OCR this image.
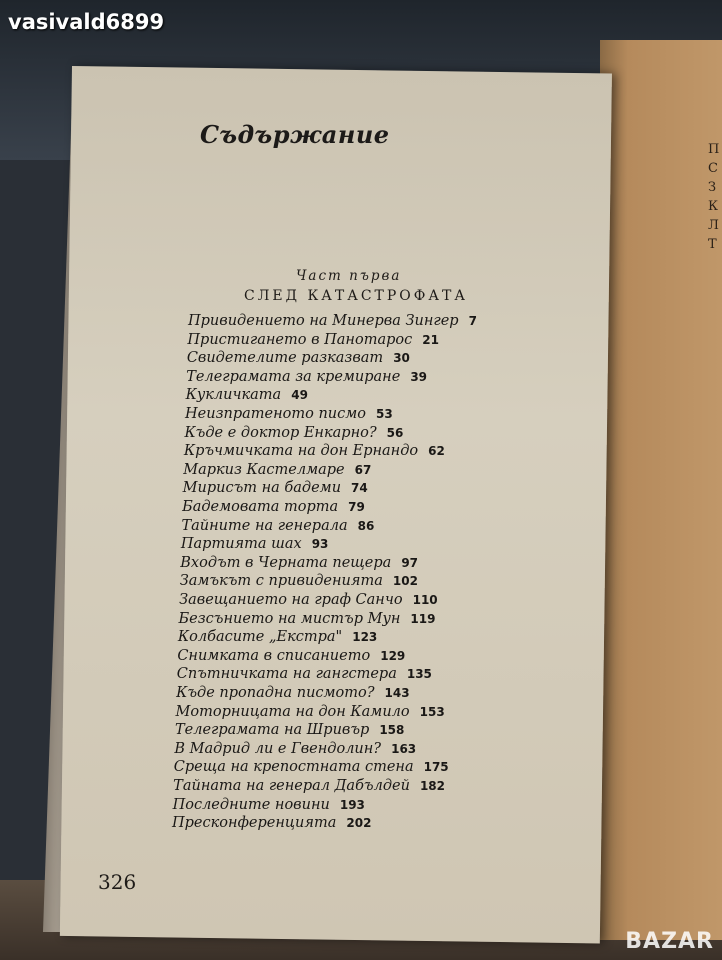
П
С
З
К
Л
Т
vasivald6899
BAZAR
Съдържание
Част първа
СЛЕД КАТАСТРОФАТА
Привидението на Минерва Зингер 7
Пристигането в Панотарос 21
Свидетелите разказват 30
Телеграмата за кремиране 39
Кукличката 49
Неизпратеното писмо 53
Къде е доктор Енкарно? 56
Кръчмичката на дон Ернандо 62
Маркиз Кастелмаре 67
Мирисът на бадеми 74
Бадемовата торта 79
Тайните на генерала 86
Партията шах 93
Входът в Черната пещера 97
Замъкът с привиденията 102
Завещанието на граф Санчо 110
Безсънието на мистър Мун 119
Колбасите „Екстра" 123
Снимката в списанието 129
Спътничката на гангстера 135
Къде пропадна писмото? 143
Моторницата на дон Камило 153
Телеграмата на Шривър 158
В Мадрид ли е Гвендолин? 163
Среща на крепостната стена 175
Тайната на генерал Дабълдей 182
Последните новини 193
Пресконференцията 202
326
